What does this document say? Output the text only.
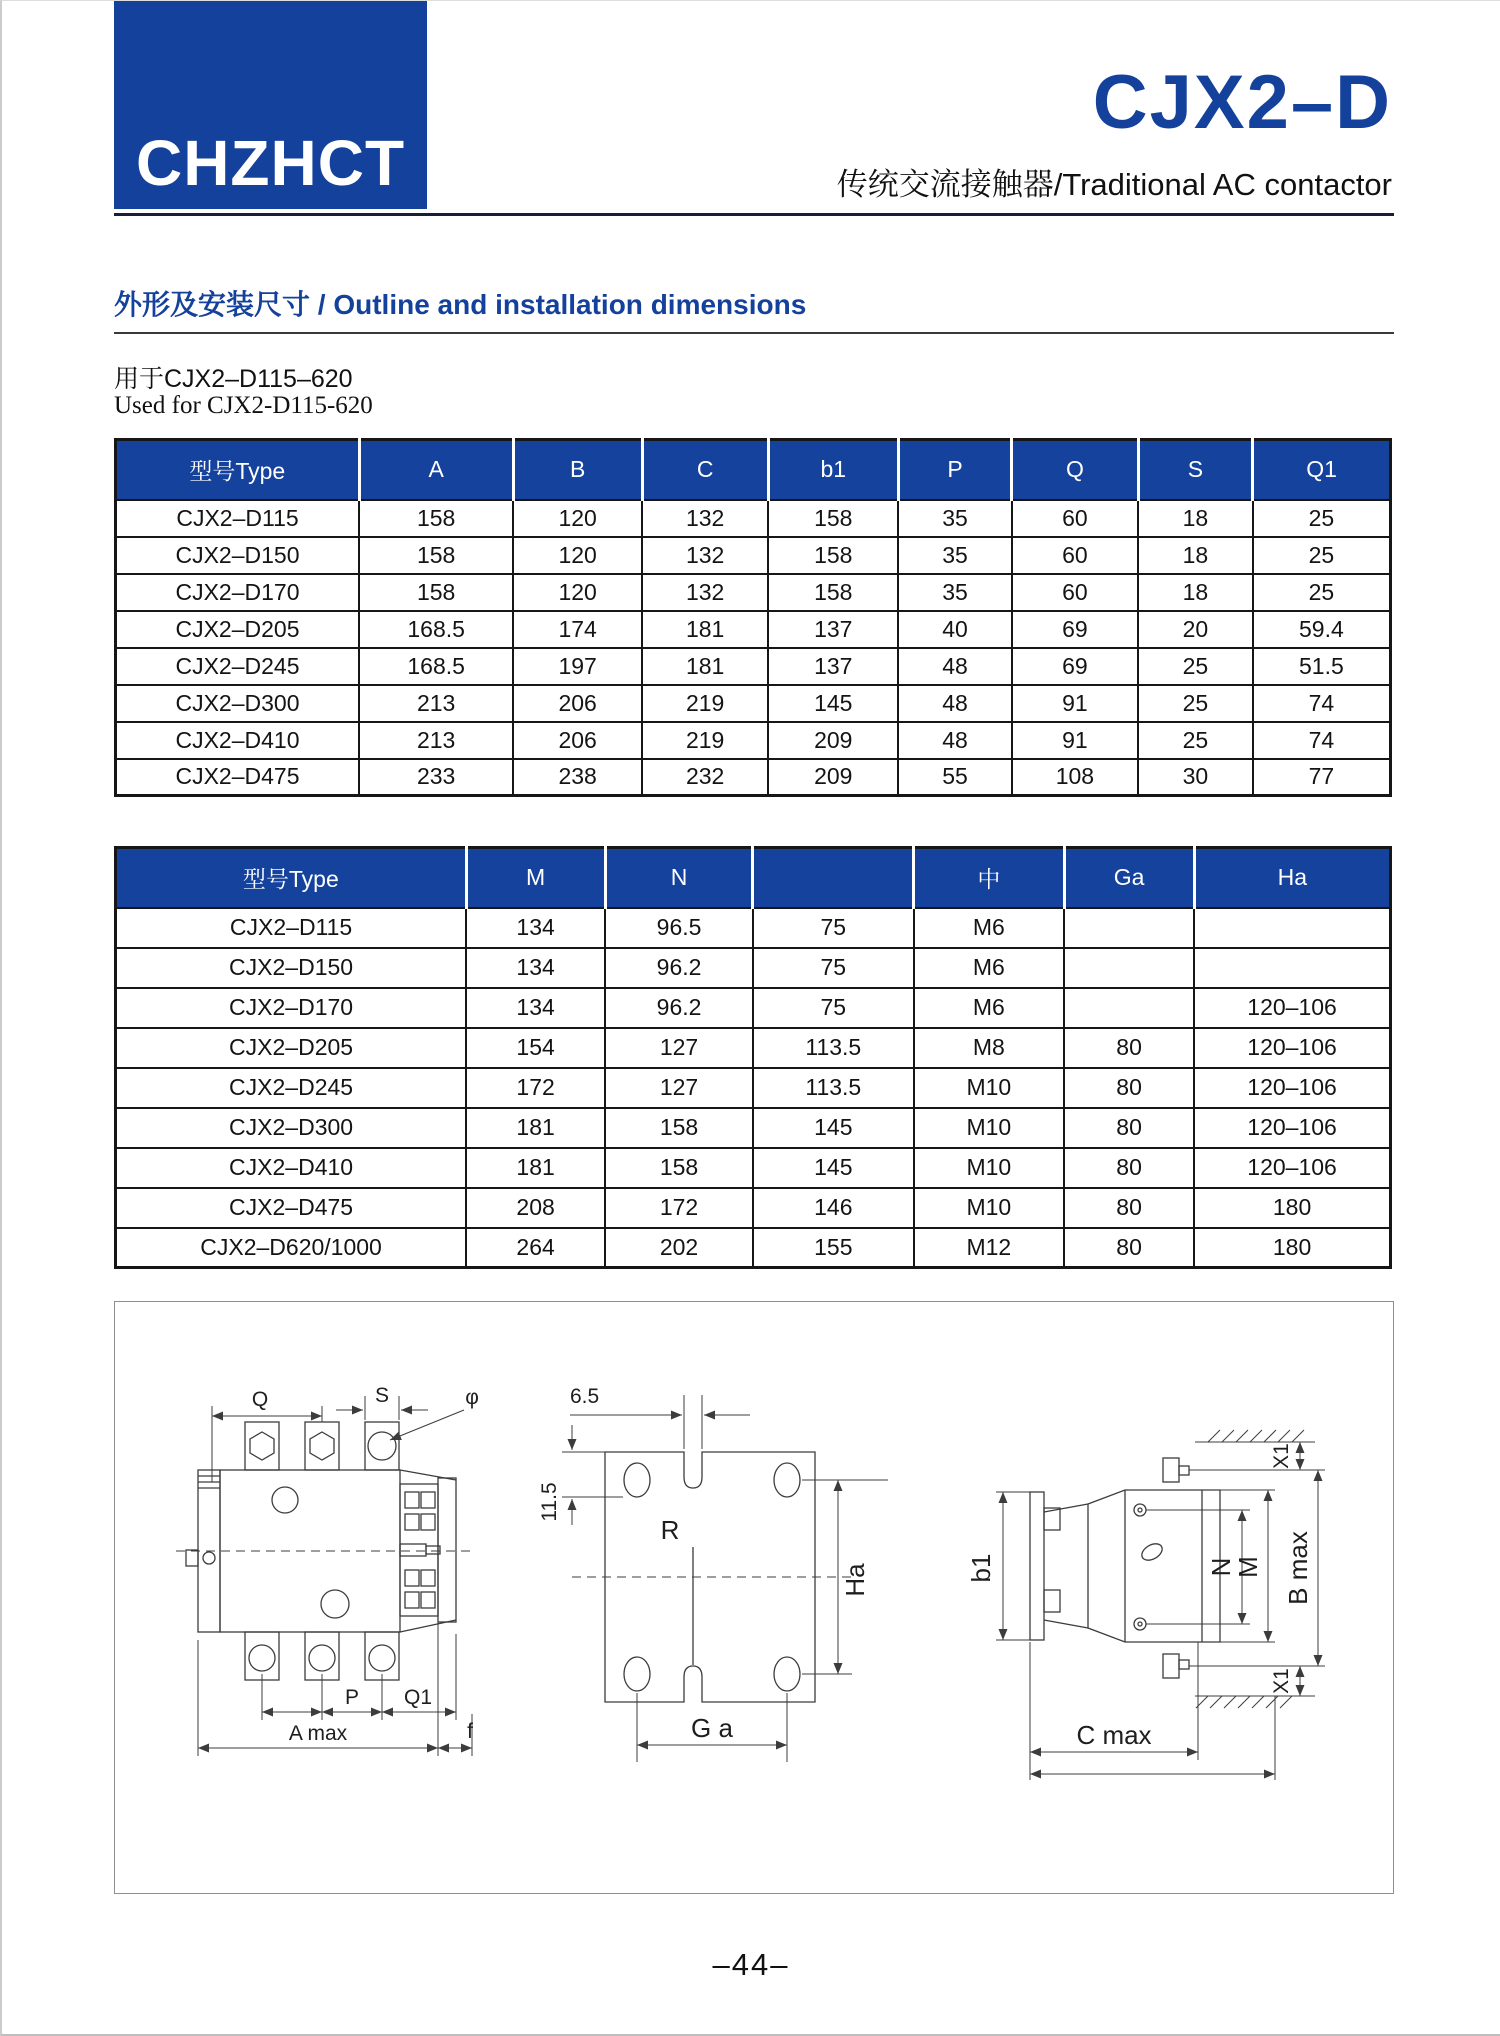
CHZHCT
CJX2–D
传统交流接触器/Traditional AC contactor
外形及安装尺寸 / Outline and installation dimensions

用于CJX2–D115–620

Used for CJX2-D115-620

型号Type	A	B	C	b1	P	Q	S	Q1
CJX2–D115	158	120	132	158	35	60	18	25
CJX2–D150	158	120	132	158	35	60	18	25
CJX2–D170	158	120	132	158	35	60	18	25
CJX2–D205	168.5	174	181	137	40	69	20	59.4
CJX2–D245	168.5	197	181	137	48	69	25	51.5
CJX2–D300	213	206	219	145	48	91	25	74
CJX2–D410	213	206	219	209	48	91	25	74
CJX2–D475	233	238	232	209	55	108	30	77
型号Type	M	N		中	Ga	Ha
CJX2–D115	134	96.5	75	M6		
CJX2–D150	134	96.2	75	M6		
CJX2–D170	134	96.2	75	M6		120–106
CJX2–D205	154	127	113.5	M8	80	120–106
CJX2–D245	172	127	113.5	M10	80	120–106
CJX2–D300	181	158	145	M10	80	120–106
CJX2–D410	181	158	145	M10	80	120–106
CJX2–D475	208	172	146	M10	80	180
CJX2–D620/1000	264	202	155	M12	80	180
Q	S	φ
P Q1
A max	f
6.5
11.5
R
Ha
G a
b1
X1
X1
N
M B max
C max
–44–
